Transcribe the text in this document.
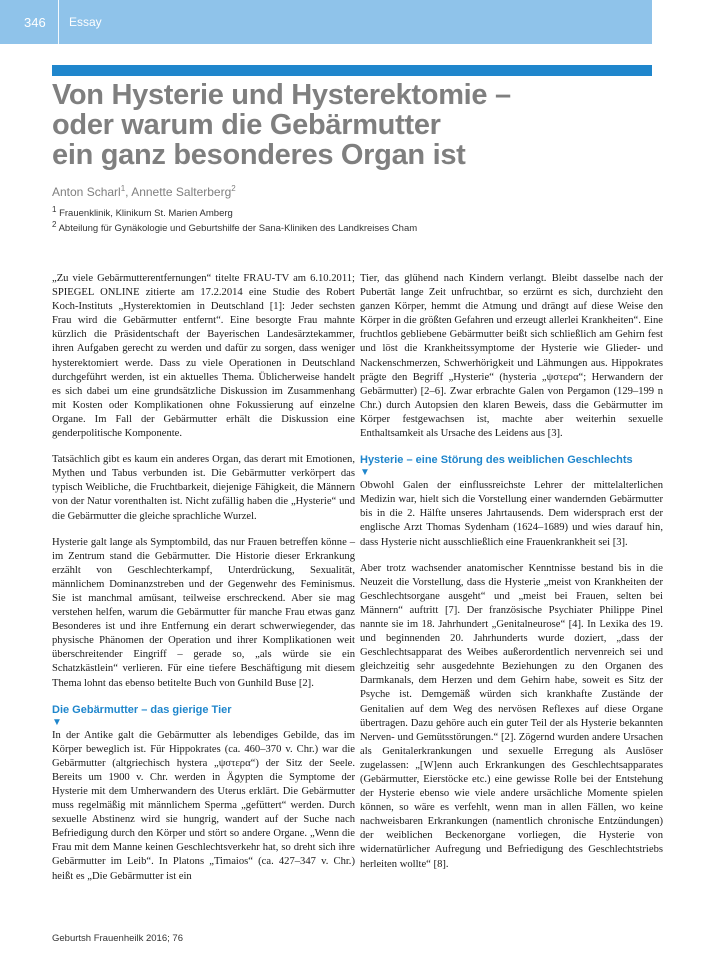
346	Essay
Von Hysterie und Hysterektomie –
oder warum die Gebärmutter
ein ganz besonderes Organ ist
Anton Scharl$^1$, Annette Salterberg$^2$
$^1$ Frauenklinik, Klinikum St. Marien Amberg
$^2$ Abteilung für Gynäkologie und Geburtshilfe der Sana-Kliniken des Landkreises Cham

„Zu viele Gebärmutterentfernungen“ titelte FRAU-TV am 6.10.2011; SPIEGEL ONLINE zitierte am 17.2.2014 eine Studie des Robert Koch-Instituts „Hysterektomien in Deutschland [1]: Jeder sechsten Frau wird die Gebärmutter entfernt“. Eine besorgte Frau mahnte kürzlich die Präsidentschaft der Bayerischen Landesärztekammer, ihren Aufgaben gerecht zu werden und dafür zu sorgen, dass weniger hysterektomiert werde. Dass zu viele Operationen in Deutschland durchgeführt werden, ist ein aktuelles Thema. Üblicherweise handelt es sich dabei um eine grundsätzliche Diskussion im Zusammenhang mit Kosten oder Komplikationen ohne Fokussierung auf einzelne Organe. Im Fall der Gebärmutter erhält die Diskussion eine genderpolitische Komponente.

Tatsächlich gibt es kaum ein anderes Organ, das derart mit Emotionen, Mythen und Tabus verbunden ist. Die Gebärmutter verkörpert das typisch Weibliche, die Fruchtbarkeit, diejenige Fähigkeit, die Männern von der Natur vorenthalten ist. Nicht zufällig haben die „Hysterie“ und die Gebärmutter die gleiche sprachliche Wurzel.

Hysterie galt lange als Symptombild, das nur Frauen betreffen könne – im Zentrum stand die Gebärmutter. Die Historie dieser Erkrankung erzählt von Geschlechterkampf, Unterdrückung, Sexualität, männlichem Dominanzstreben und der Gegenwehr des Feminismus. Sie ist manchmal amüsant, teilweise erschreckend. Aber sie mag verstehen helfen, warum die Gebärmutter für manche Frau etwas ganz Besonderes ist und ihre Entfernung ein derart schwerwiegender, das physische Phänomen der Operation und ihrer Komplikationen weit überschreitender Eingriff – gerade so, „als würde sie ein Schatzkästlein“ verlieren. Für eine tiefere Beschäftigung mit diesem Thema lohnt das ebenso betitelte Buch von Gunhild Buse [2].

Die Gebärmutter – das gierige Tier
▼

In der Antike galt die Gebärmutter als lebendiges Gebilde, das im Körper beweglich ist. Für Hippokrates (ca. 460–370 v. Chr.) war die Gebärmutter (altgriechisch hystera „ψστερα“) der Sitz der Seele. Bereits um 1900 v. Chr. werden in Ägypten die Symptome der Hysterie mit dem Umherwandern des Uterus erklärt. Die Gebärmutter muss regelmäßig mit männlichem Sperma „gefüttert“ werden. Durch sexuelle Abstinenz wird sie hungrig, wandert auf der Suche nach Befriedigung durch den Körper und stört so andere Organe. „Wenn die Frau mit dem Manne keinen Geschlechtsverkehr hat, so dreht sich ihre Gebärmutter im Leib“. In Platons „Timaios“ (ca. 427–347 v. Chr.) heißt es „Die Gebärmutter ist ein

Tier, das glühend nach Kindern verlangt. Bleibt dasselbe nach der Pubertät lange Zeit unfruchtbar, so erzürnt es sich, durchzieht den ganzen Körper, hemmt die Atmung und drängt auf diese Weise den Körper in die größten Gefahren und erzeugt allerlei Krankheiten“. Eine fruchtlos gebliebene Gebärmutter beißt sich schließlich am Gehirn fest und löst die Krankheitssymptome der Hysterie wie Glieder- und Nackenschmerzen, Schwerhörigkeit und Lähmungen aus. Hippokrates prägte den Begriff „Hysterie“ (hysteria „ψστερα“; Herwandern der Gebärmutter) [2–6]. Zwar erbrachte Galen von Pergamon (129–199 n Chr.) durch Autopsien den klaren Beweis, dass die Gebärmutter im Körper festgewachsen ist, machte aber weiterhin sexuelle Enthaltsamkeit als Ursache des Leidens aus [3].

Hysterie – eine Störung des weiblichen Geschlechts
▼

Obwohl Galen der einflussreichste Lehrer der mittelalterlichen Medizin war, hielt sich die Vorstellung einer wandernden Gebärmutter bis in die 2. Hälfte unseres Jahrtausends. Dem widersprach erst der englische Arzt Thomas Sydenham (1624–1689) und wies darauf hin, dass Hysterie nicht ausschließlich eine Frauenkrankheit sei [3].

Aber trotz wachsender anatomischer Kenntnisse bestand bis in die Neuzeit die Vorstellung, dass die Hysterie „meist von Krankheiten der Geschlechtsorgane ausgeht“ und „meist bei Frauen, selten bei Männern“ auftritt [7]. Der französische Psychiater Philippe Pinel nannte sie im 18. Jahrhundert „Genitalneurose“ [4]. In Lexika des 19. und beginnenden 20. Jahrhunderts wurde doziert, „dass der Geschlechtsapparat des Weibes außerordentlich nervenreich sei und gleichzeitig sehr ausgedehnte Beziehungen zu den Organen des Darmkanals, dem Herzen und dem Gehirn habe, soweit es Sitz der Psyche ist. Demgemäß würden sich krankhafte Zustände der Genitalien auf dem Weg des nervösen Reflexes auf diese Organe übertragen. Dazu gehöre auch ein guter Teil der als Hysterie bekannten Nerven- und Gemütsstörungen.“ [2]. Zögernd wurden andere Ursachen als Genitalerkrankungen und sexuelle Erregung als Auslöser zugelassen: „[W]enn auch Erkrankungen des Geschlechtsapparates (Gebärmutter, Eierstöcke etc.) eine gewisse Rolle bei der Entstehung der Hysterie ebenso wie viele andere ursächliche Momente spielen können, so wäre es verfehlt, wenn man in allen Fällen, wo keine nachweisbaren Erkrankungen (namentlich chronische Entzündungen) der weiblichen Beckenorgane vorliegen, die Hysterie von widernatürlicher Aufregung und Befriedigung des Geschlechtstriebs herleiten wollte“ [8].

Geburtsh Frauenheilk 2016; 76
